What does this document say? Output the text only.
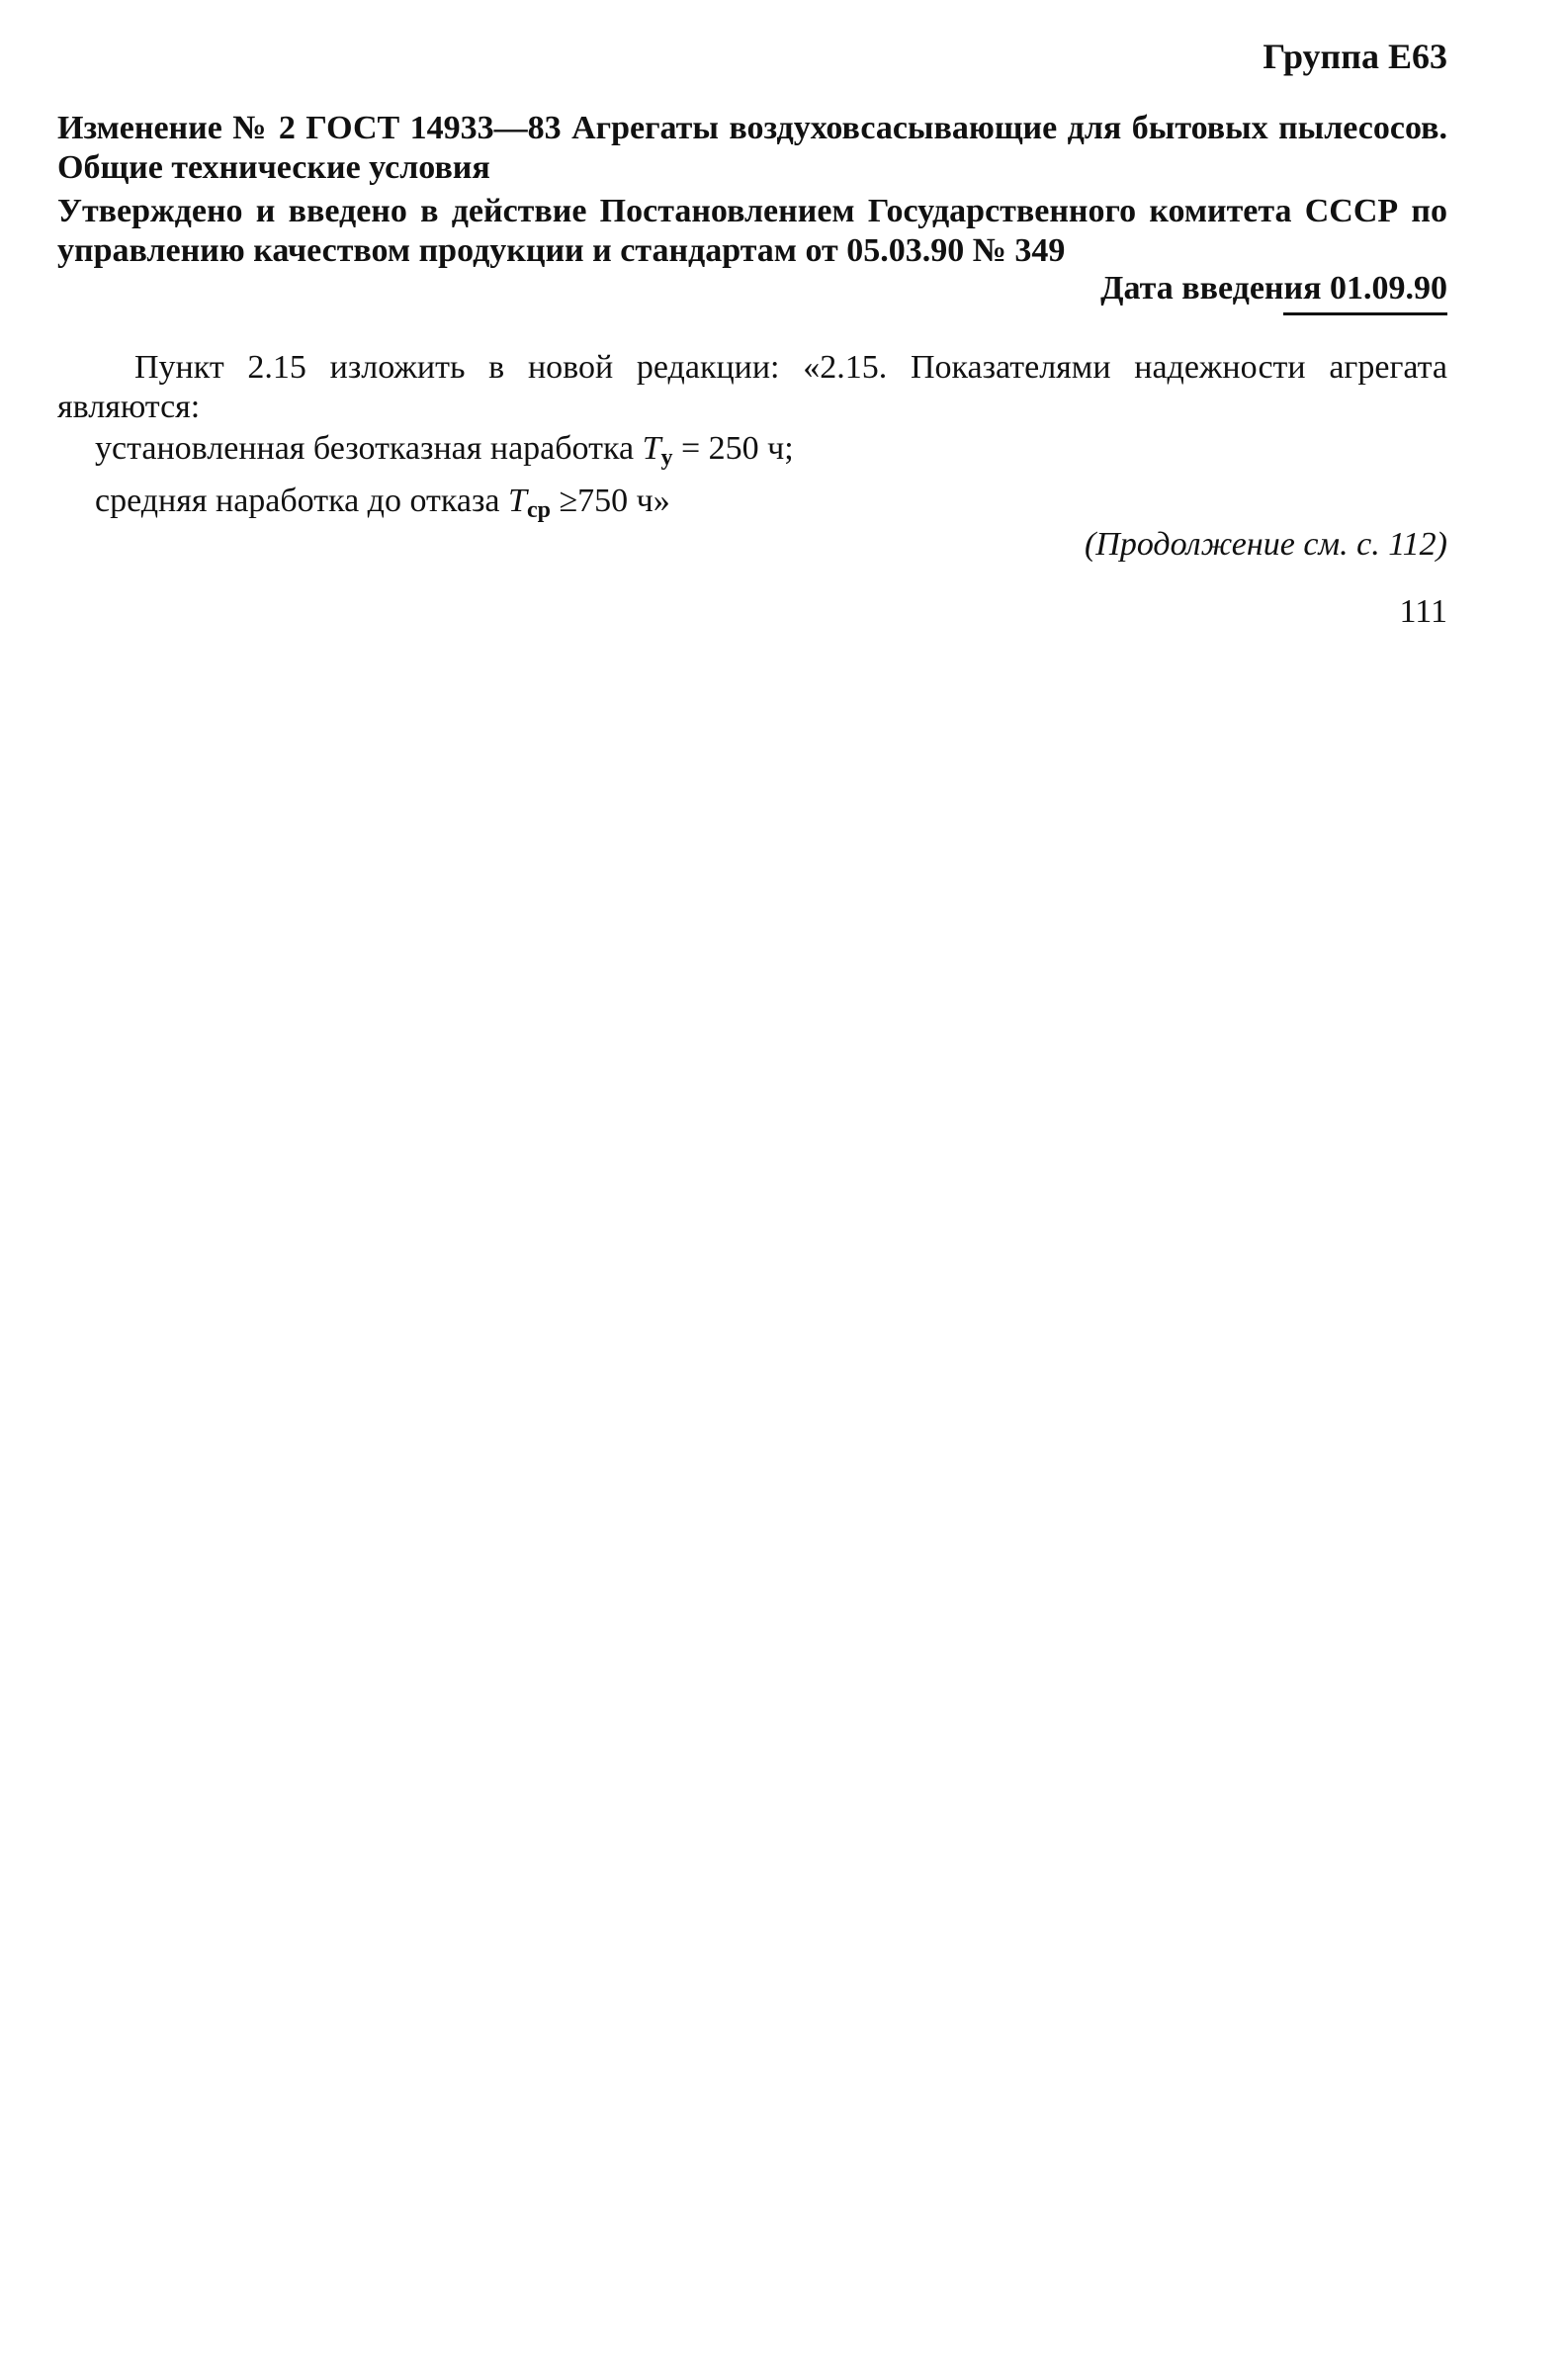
Группа Е63
Изменение № 2 ГОСТ 14933—83 Агрегаты воздуховсасывающие для бытовых пылесосов. Общие технические условия
Утверждено и введено в действие Постановлением Государственного комитета СССР по управлению качеством продукции и стандартам от 05.03.90 № 349
Дата введения 01.09.90

Пункт 2.15 изложить в новой редакции: «2.15. Показателями надежности агрегата являются:

установленная безотказная наработка $T_у = 250$ ч;

средняя наработка до отказа $T_{ср} \ge 750$ ч»

(Продолжение см. с. 112)
111
